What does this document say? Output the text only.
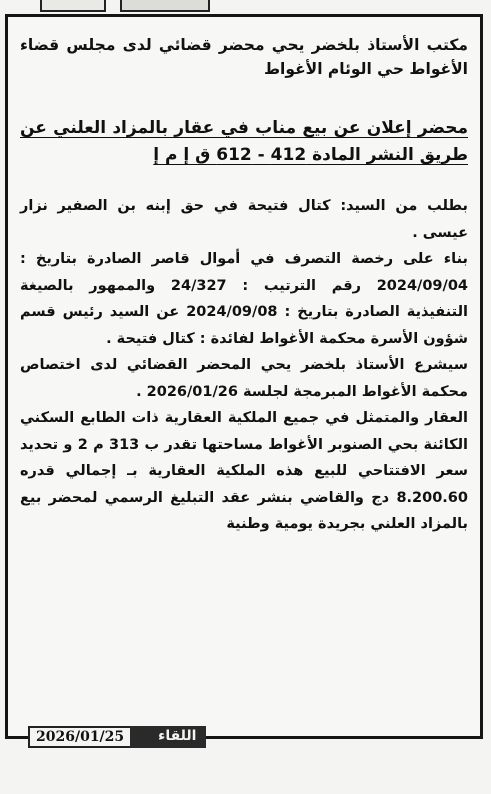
مكتب الأستاذ بلخضر يحي محضر قضائي لدى مجلس قضاء الأغواط حي الوئام الأغواط

محضر إعلان عن بيع مناب في عقار بالمزاد العلني عن طريق النشر المادة 412 - 612 ق إ م إ

بطلب من السيد: كتال فتيحة في حق إبنه بن الصفير نزار عيسى .

بناء على رخصة التصرف في أموال قاصر الصادرة بتاريخ : 2024/09/04 رقم الترتيب : 24/327 والممهور بالصيغة التنفيذية الصادرة بتاريخ : 2024/09/08 عن السيد رئيس قسم شؤون الأسرة محكمة الأغواط لفائدة : كتال فتيحة .

سيشرع الأستاذ بلخضر يحي المحضر القضائي لدى اختصاص محكمة الأغواط المبرمجة لجلسة 2026/01/26 .

العقار والمتمثل في جميع الملكية العقارية ذات الطابع السكني الكائنة بحي الصنوبر الأغواط مساحتها تقدر ب 313 م 2 و تحديد سعر الافتتاحي للبيع هذه الملكية العقارية بـ إجمالي قدره 8.200.60 دج والقاضي بنشر عقد التبليغ الرسمي لمحضر بيع بالمزاد العلني بجريدة يومية وطنية

2026/01/25	اللقاء
